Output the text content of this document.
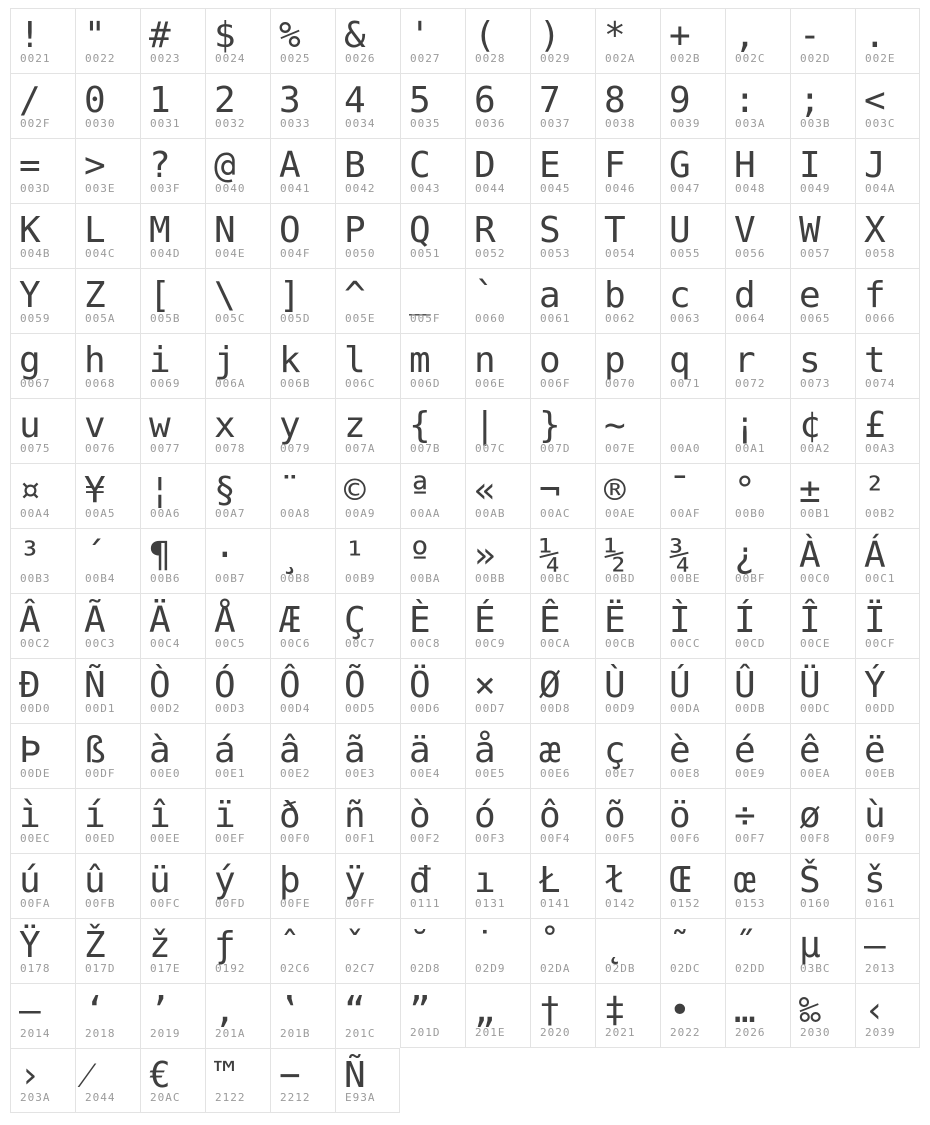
!
0021
"
0022
#
0023
$
0024
%
0025
&
0026
'
0027
(
0028
)
0029
*
002A
+
002B
,
002C
-
002D
.
002E
/
002F
0
0030
1
0031
2
0032
3
0033
4
0034
5
0035
6
0036
7
0037
8
0038
9
0039
:
003A
;
003B
<
003C
=
003D
>
003E
?
003F
@
0040
A
0041
B
0042
C
0043
D
0044
E
0045
F
0046
G
0047
H
0048
I
0049
J
004A
K
004B
L
004C
M
004D
N
004E
O
004F
P
0050
Q
0051
R
0052
S
0053
T
0054
U
0055
V
0056
W
0057
X
0058
Y
0059
Z
005A
[
005B
\
005C
]
005D
^
005E
_
005F
`
0060
a
0061
b
0062
c
0063
d
0064
e
0065
f
0066
g
0067
h
0068
i
0069
j
006A
k
006B
l
006C
m
006D
n
006E
o
006F
p
0070
q
0071
r
0072
s
0073
t
0074
u
0075
v
0076
w
0077
x
0078
y
0079
z
007A
{
007B
|
007C
}
007D
~
007E	00A0
¡
00A1
¢
00A2
£
00A3
¤
00A4
¥
00A5
¦
00A6
§
00A7
¨
00A8
©
00A9
ª
00AA
«
00AB
¬
00AC
®
00AE
¯
00AF
°
00B0
±
00B1
²
00B2
³
00B3
´
00B4
¶
00B6
·
00B7
¸
00B8
¹
00B9
º
00BA
»
00BB
¼
00BC
½
00BD
¾
00BE
¿
00BF
À
00C0
Á
00C1
Â
00C2
Ã
00C3
Ä
00C4
Å
00C5
Æ
00C6
Ç
00C7
È
00C8
É
00C9
Ê
00CA
Ë
00CB
Ì
00CC
Í
00CD
Î
00CE
Ï
00CF
Ð
00D0
Ñ
00D1
Ò
00D2
Ó
00D3
Ô
00D4
Õ
00D5
Ö
00D6
×
00D7
Ø
00D8
Ù
00D9
Ú
00DA
Û
00DB
Ü
00DC
Ý
00DD
Þ
00DE
ß
00DF
à
00E0
á
00E1
â
00E2
ã
00E3
ä
00E4
å
00E5
æ
00E6
ç
00E7
è
00E8
é
00E9
ê
00EA
ë
00EB
ì
00EC
í
00ED
î
00EE
ï
00EF
ð
00F0
ñ
00F1
ò
00F2
ó
00F3
ô
00F4
õ
00F5
ö
00F6
÷
00F7
ø
00F8
ù
00F9
ú
00FA
û
00FB
ü
00FC
ý
00FD
þ
00FE
ÿ
00FF
đ
0111
ı
0131
Ł
0141
ł
0142
Œ
0152
œ
0153
Š
0160
š
0161
Ÿ
0178
Ž
017D
ž
017E
ƒ
0192
ˆ
02C6
ˇ
02C7
˘
02D8
˙
02D9
˚
02DA
˛
02DB
˜
02DC
˝
02DD
μ
03BC
–
2013
—
2014
‘
2018
’
2019
‚
201A
‛
201B
“
201C
”
201D
„
201E
†
2020
‡
2021
•
2022
…
2026
‰
2030
‹
2039
›
203A
⁄
2044
€
20AC
™
2122
−
2212
Ñ
E93A
